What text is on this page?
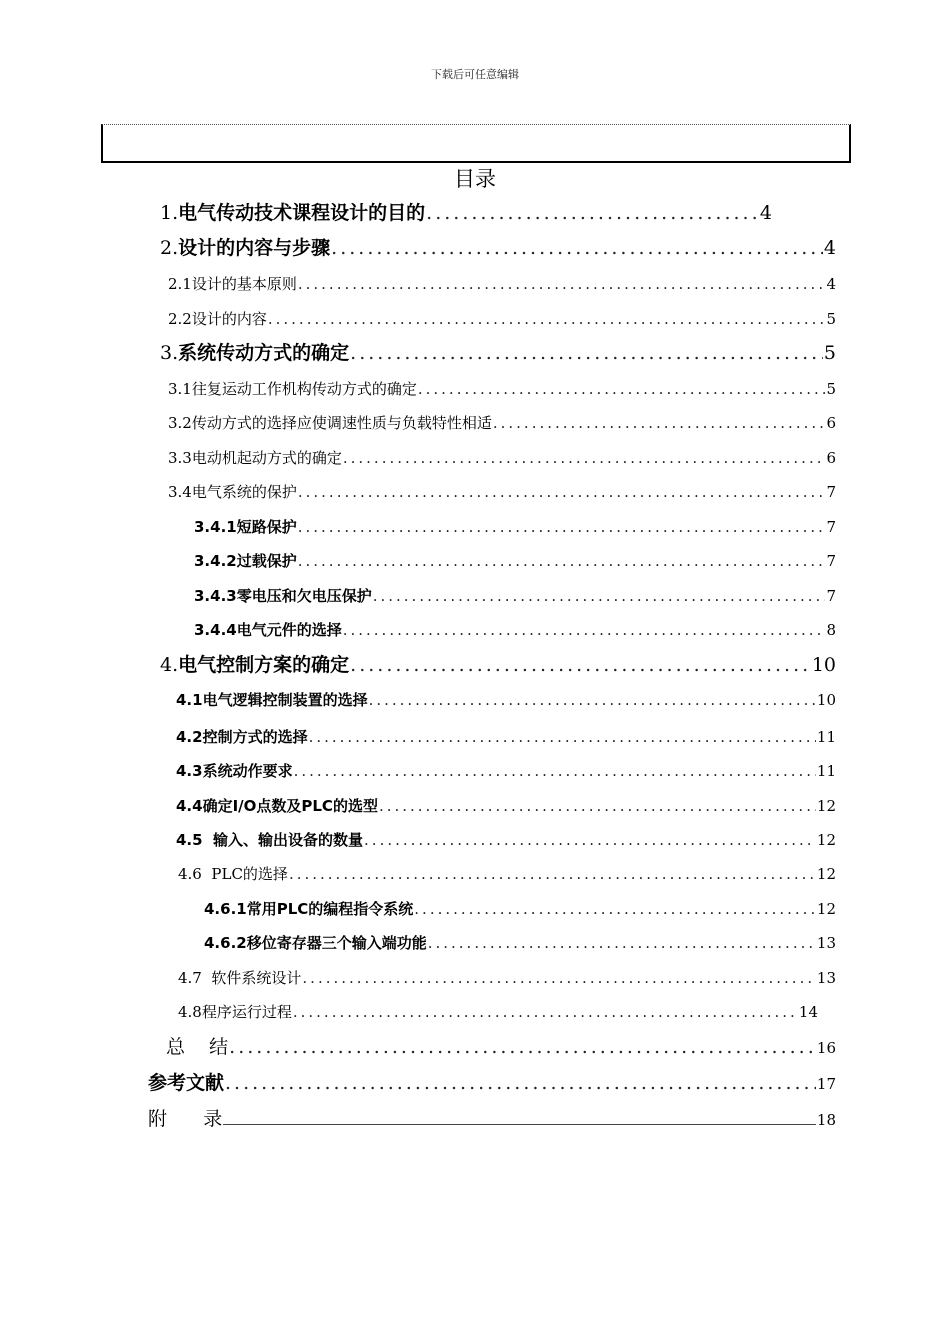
下载后可任意编辑
目录
1.电气传动技术课程设计的目的 .....	4
2.设计的内容与步骤 .....	4
2.1设计的基本原则 .....	4
2.2设计的内容 .....	5
3.系统传动方式的确定 .....	5
3.1往复运动工作机构传动方式的确定 .....	5
3.2传动方式的选择应使调速性质与负载特性相适 .....	6
3.3电动机起动方式的确定 .....	6
3.4电气系统的保护 .....	7
3.4.1短路保护 .....	7
3.4.2过载保护 .....	7
3.4.3零电压和欠电压保护 .....	7
3.4.4电气元件的选择 .....	8
4.电气控制方案的确定 .....	10
4.1电气逻辑控制装置的选择 .....	10
4.2控制方式的选择 .....	11
4.3系统动作要求 .....	11
4.4确定I/O点数及PLC的选型 .....	12
4.5  输入、输出设备的数量 .....	12
4.6  PLC的选择 .....	12
4.6.1常用PLC的编程指令系统 .....	12
4.6.2移位寄存器三个输入端功能 .....	13
4.7  软件系统设计 .....	13
4.8程序运行过程 .....	14
总    结 .....	16
参考文献 .....	17
附      录	18
